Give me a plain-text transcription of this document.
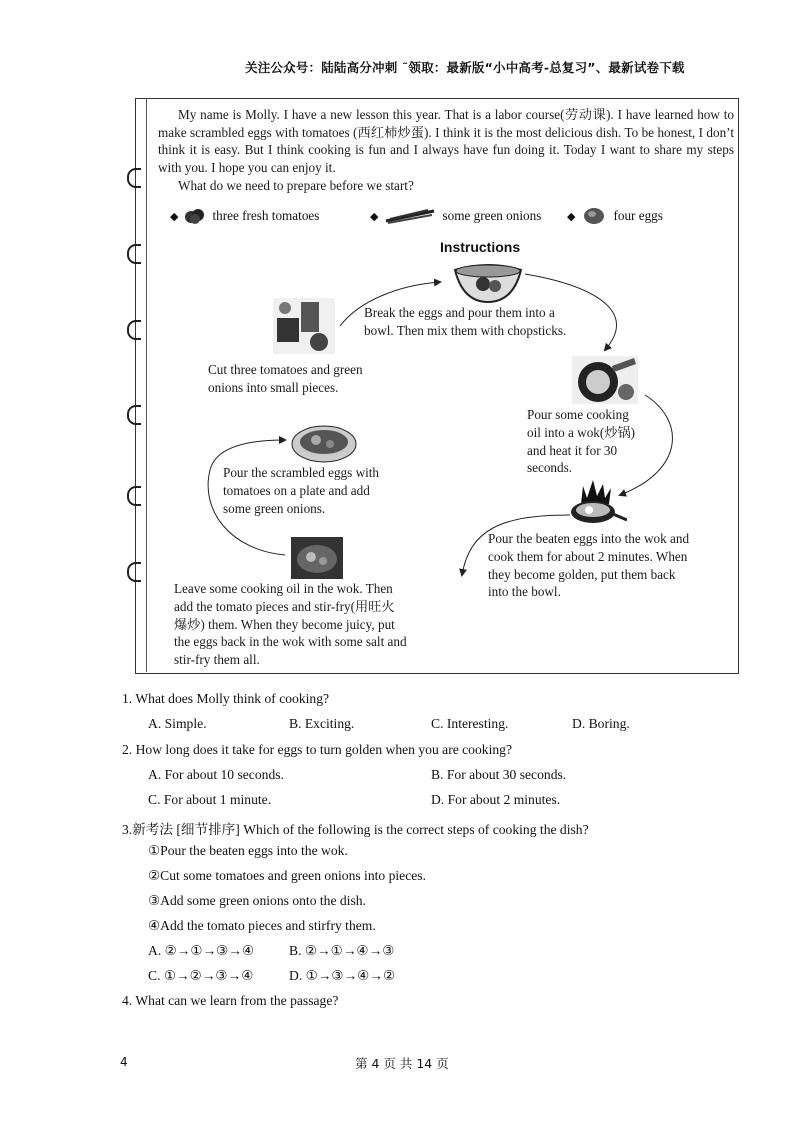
关注公众号：陆陆高分冲刺 ˜领取：最新版“小中高考-总复习”、最新试卷下载

My name is Molly. I have a new lesson this year. That is a labor course(劳动课). I have learned how to make scrambled eggs with tomatoes (西红柿炒蛋). I think it is the most delicious dish. To be honest, I don’t think it is easy. But I think cooking is fun and I always have fun doing it. Today I want to share my steps with you. I hope you can enjoy it.

What do we need to prepare before we start?
◆	three fresh tomatoes	◆	some green onions ◆	four eggs
Instructions
Cut three tomatoes and green
onions into small pieces.
Break the eggs and pour them into a
bowl. Then mix them with chopsticks.
Pour some cooking
oil into a wok(炒锅)
and heat it for 30
seconds.
Pour the beaten eggs into the wok and
cook them for about 2 minutes. When
they become golden, put them back
into the bowl.
Leave some cooking oil in the wok. Then
add the tomato pieces and stir-fry(用旺火
爆炒) them. When they become juicy, put
the eggs back in the wok with some salt and
stir-fry them all.
Pour the scrambled eggs with
tomatoes on a plate and add
some green onions.
1. What does Molly think of cooking?
A. Simple.	B. Exciting.	C. Interesting.	D. Boring.
2. How long does it take for eggs to turn golden when you are cooking?
A. For about 10 seconds.	B. For about 30 seconds.
C. For about 1 minute.	D. For about 2 minutes.
3.新考法 [细节排序] Which of the following is the correct steps of cooking the dish?
①Pour the beaten eggs into the wok.
②Cut some tomatoes and green onions into pieces.
③Add some green onions onto the dish.
④Add the tomato pieces and stirfry them.
A. ②→①→③→④	B. ②→①→④→③
C. ①→②→③→④	D. ①→③→④→②
4. What can we learn from the passage?
4	第 4 页 共 14 页
